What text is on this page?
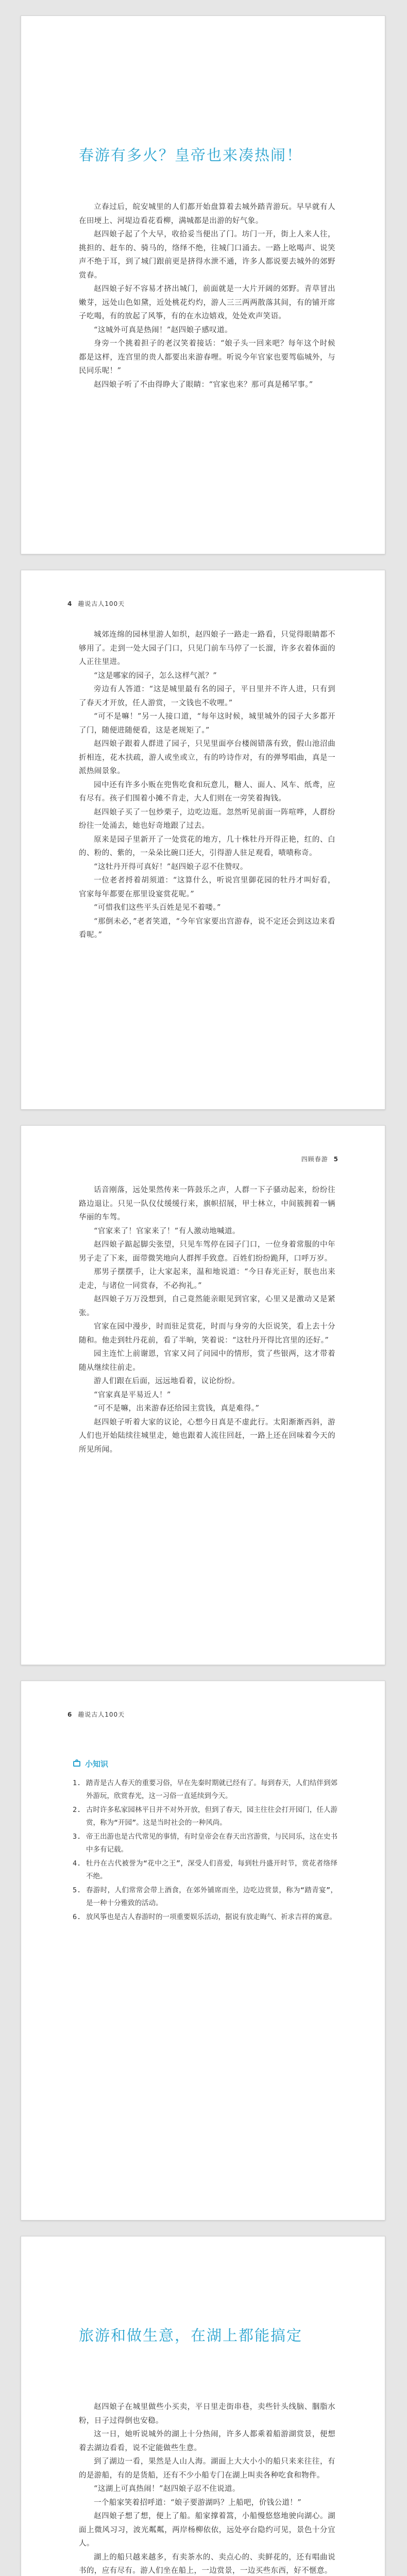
春游有多火？皇帝也来凑热闹！

立春过后，皖安城里的人们都开始盘算着去城外踏青游玩。早早就有人在田埂上、河堤边看花看柳，满城都是出游的好气象。

赵四娘子起了个大早，收拾妥当便出了门。坊门一开，街上人来人往，挑担的、赶车的、骑马的，络绎不绝，往城门口涌去。一路上吆喝声、说笑声不绝于耳，到了城门跟前更是挤得水泄不通，许多人都说要去城外的郊野赏春。

赵四娘子好不容易才挤出城门，前面就是一大片开阔的郊野。青草冒出嫩芽，远处山色如黛，近处桃花灼灼，游人三三两两散落其间，有的铺开席子吃喝，有的放起了风筝，有的在水边嬉戏，处处欢声笑语。

“这城外可真是热闹！”赵四娘子感叹道。

身旁一个挑着担子的老汉笑着接话：“娘子头一回来吧？每年这个时候都是这样，连宫里的贵人都要出来游春哩。听说今年官家也要驾临城外，与民同乐呢！”

赵四娘子听了不由得睁大了眼睛：“官家也来？那可真是稀罕事。”

4 趣说古人100天

城郊连绵的园林里游人如织，赵四娘子一路走一路看，只觉得眼睛都不够用了。走到一处大园子门口，只见门前车马停了一长溜，许多衣着体面的人正往里进。

“这是哪家的园子，怎么这样气派？”

旁边有人答道：“这是城里最有名的园子，平日里并不许人进，只有到了春天才开放，任人游赏，一文钱也不收哩。”

“可不是嘛！”另一人接口道，“每年这时候，城里城外的园子大多都开了门，随便进随便看，这是老规矩了。”

赵四娘子跟着人群进了园子，只见里面亭台楼阁错落有致，假山池沼曲折相连，花木扶疏，游人或坐或立，有的吟诗作对，有的弹琴唱曲，真是一派热闹景象。

园中还有许多小贩在兜售吃食和玩意儿，糖人、面人、风车、纸鸢，应有尽有。孩子们围着小摊不肯走，大人们则在一旁笑着掏钱。

赵四娘子买了一包炒栗子，边吃边逛。忽然听见前面一阵喧哗，人群纷纷往一处涌去，她也好奇地跟了过去。

原来是园子里新开了一处赏花的地方，几十株牡丹开得正艳，红的、白的、粉的、紫的，一朵朵比碗口还大，引得游人驻足观看，啧啧称奇。

“这牡丹开得可真好！”赵四娘子忍不住赞叹。

一位老者捋着胡须道：“这算什么，听说宫里御花园的牡丹才叫好看，官家每年都要在那里设宴赏花呢。”

“可惜我们这些平头百姓是见不着喽。”

“那倒未必，”老者笑道，“今年官家要出宫游春，说不定还会到这边来看看呢。”

四顾春游 5

话音刚落，远处果然传来一阵鼓乐之声，人群一下子骚动起来，纷纷往路边退让。只见一队仪仗缓缓行来，旗帜招展，甲士林立，中间簇拥着一辆华丽的车驾。

“官家来了！官家来了！”有人激动地喊道。

赵四娘子踮起脚尖张望，只见车驾停在园子门口，一位身着常服的中年男子走了下来，面带微笑地向人群挥手致意。百姓们纷纷跪拜，口呼万岁。

那男子摆摆手，让大家起来，温和地说道：“今日春光正好，朕也出来走走，与诸位一同赏春，不必拘礼。”

赵四娘子万万没想到，自己竟然能亲眼见到官家，心里又是激动又是紧张。

官家在园中漫步，时而驻足赏花，时而与身旁的大臣说笑，看上去十分随和。他走到牡丹花前，看了半晌，笑着说：“这牡丹开得比宫里的还好。”

园主连忙上前谢恩，官家又问了问园中的情形，赏了些银两，这才带着随从继续往前走。

游人们跟在后面，远远地看着，议论纷纷。

“官家真是平易近人！”

“可不是嘛，出来游春还给园主赏钱，真是难得。”

赵四娘子听着大家的议论，心想今日真是不虚此行。太阳渐渐西斜，游人们也开始陆续往城里走，她也跟着人流往回赶，一路上还在回味着今天的所见所闻。

6 趣说古人100天
小知识
1. 踏青是古人春天的重要习俗，早在先秦时期就已经有了。每到春天，人们结伴到郊外游玩，欣赏春光，这一习俗一直延续到今天。
2. 古时许多私家园林平日并不对外开放，但到了春天，园主往往会打开园门，任人游赏，称为“开园”。这是当时社会的一种风尚。
3. 帝王出游也是古代常见的事情，有时皇帝会在春天出宫游赏，与民同乐，这在史书中多有记载。
4. 牡丹在古代被誉为“花中之王”，深受人们喜爱，每到牡丹盛开时节，赏花者络绎不绝。
5. 春游时，人们常常会带上酒食，在郊外铺席而坐，边吃边赏景，称为“踏青宴”，是一种十分雅致的活动。
6. 放风筝也是古人春游时的一项重要娱乐活动，据说有放走晦气、祈求吉祥的寓意。
旅游和做生意，在湖上都能搞定

赵四娘子在城里做些小买卖，平日里走街串巷，卖些针头线脑、胭脂水粉，日子过得倒也安稳。

这一日，她听说城外的湖上十分热闹，许多人都乘着船游湖赏景，便想着去湖边看看，说不定能做些生意。

到了湖边一看，果然是人山人海。湖面上大大小小的船只来来往往，有的是游船，有的是货船，还有不少小船专门在湖上叫卖各种吃食和物件。

“这湖上可真热闹！”赵四娘子忍不住说道。

一个船家笑着招呼道：“娘子要游湖吗？上船吧，价钱公道！”

赵四娘子想了想，便上了船。船家撑着篙，小船慢悠悠地驶向湖心。湖面上微风习习，波光粼粼，两岸杨柳依依，远处亭台隐约可见，景色十分宜人。

湖上的船只越来越多，有卖茶水的、卖点心的、卖鲜花的，还有唱曲说书的，应有尽有。游人们坐在船上，一边赏景，一边买些东西，好不惬意。
